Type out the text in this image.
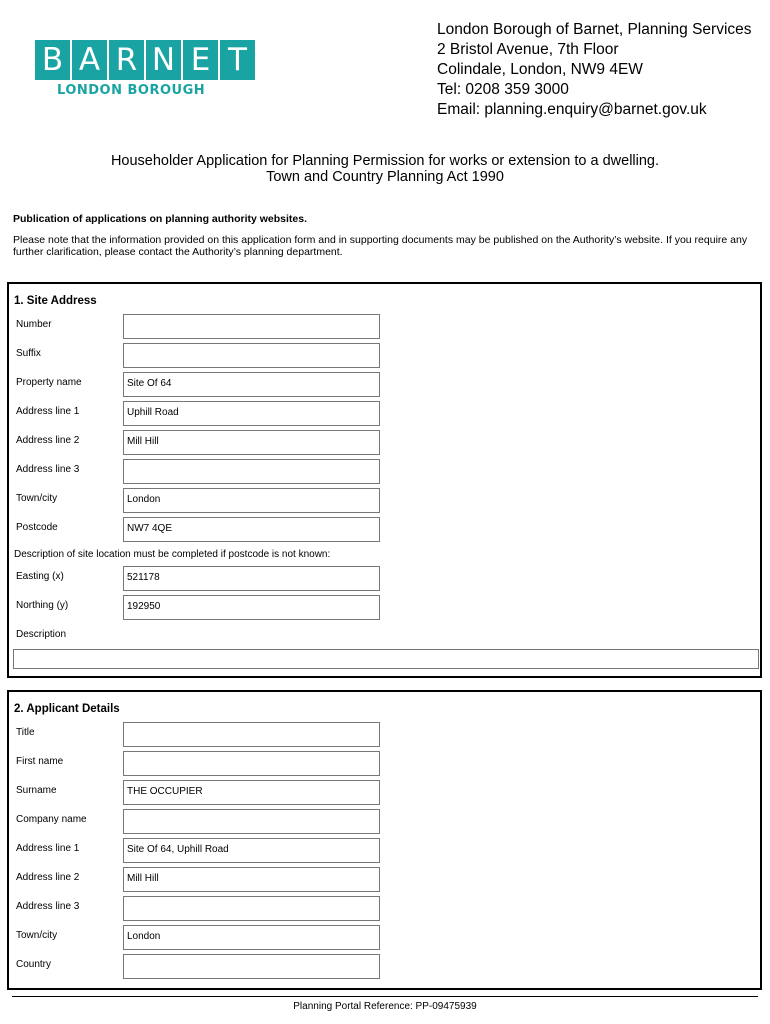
B A R N E T
LONDON BOROUGH
London Borough of Barnet, Planning Services
2 Bristol Avenue, 7th Floor
Colindale, London, NW9 4EW
Tel: 0208 359 3000
Email: planning.enquiry@barnet.gov.uk
Householder Application for Planning Permission for works or extension to a dwelling.
Town and Country Planning Act 1990
Publication of applications on planning authority websites.
Please note that the information provided on this application form and in supporting documents may be published on the Authority’s website. If you require any further clarification, please contact the Authority’s planning department.
1. Site Address
Number
Suffix
Property name	Site Of 64
Address line 1	Uphill Road
Address line 2	Mill Hill
Address line 3
Town/city	London
Postcode	NW7 4QE
Description of site location must be completed if postcode is not known:
Easting (x)	521178
Northing (y)	192950
Description
2. Applicant Details
Title
First name
Surname	THE OCCUPIER
Company name
Address line 1	Site Of 64, Uphill Road
Address line 2	Mill Hill
Address line 3
Town/city	London
Country
Planning Portal Reference: PP-09475939
